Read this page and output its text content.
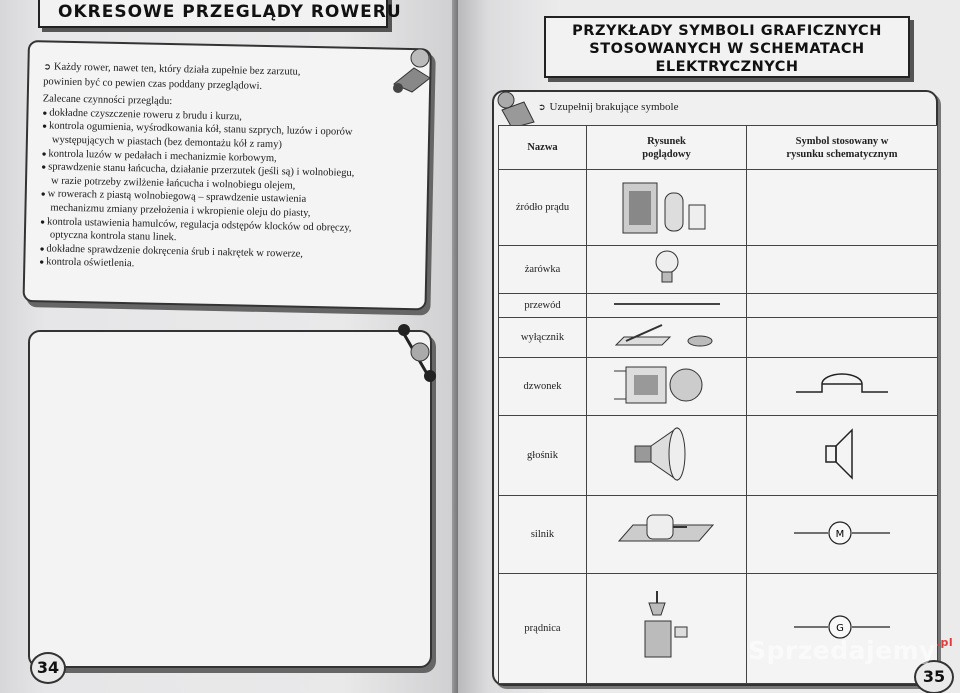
OKRESOWE PRZEGLĄDY ROWERU

➲ Każdy rower, nawet ten, który działa zupełnie bez zarzutu,

powinien być co pewien czas poddany przeglądowi.

Zalecane czynności przeglądu:

● dokładne czyszczenie roweru z brudu i kurzu,
● kontrola ogumienia, wyśrodkowania kół, stanu szprych, luzów i oporów
występujących w piastach (bez demontażu kół z ramy)
● kontrola luzów w pedałach i mechanizmie korbowym,
● sprawdzenie stanu łańcucha, działanie przerzutek (jeśli są) i wolnobiegu,
w razie potrzeby zwilżenie łańcucha i wolnobiegu olejem,
● w rowerach z piastą wolnobiegową – sprawdzenie ustawienia
mechanizmu zmiany przełożenia i wkropienie oleju do piasty,
● kontrola ustawienia hamulców, regulacja odstępów klocków od obręczy,
optyczna kontrola stanu linek.
● dokładne sprawdzenie dokręcenia śrub i nakrętek w rowerze,
● kontrola oświetlenia.
34
PRZYKŁADY SYMBOLI GRAFICZNYCH
STOSOWANYCH W SCHEMATACH
ELEKTRYCZNYCH
➲ Uzupełnij brakujące symbole
Nazwa	Rysunek poglądowy	Symbol stosowany w rysunku schematycznym
źródło prądu		
żarówka		
przewód		
wyłącznik		
dzwonek		
głośnik		
silnik		M

prądnica		G
35
Sprzedajemy$^{.pl}$
